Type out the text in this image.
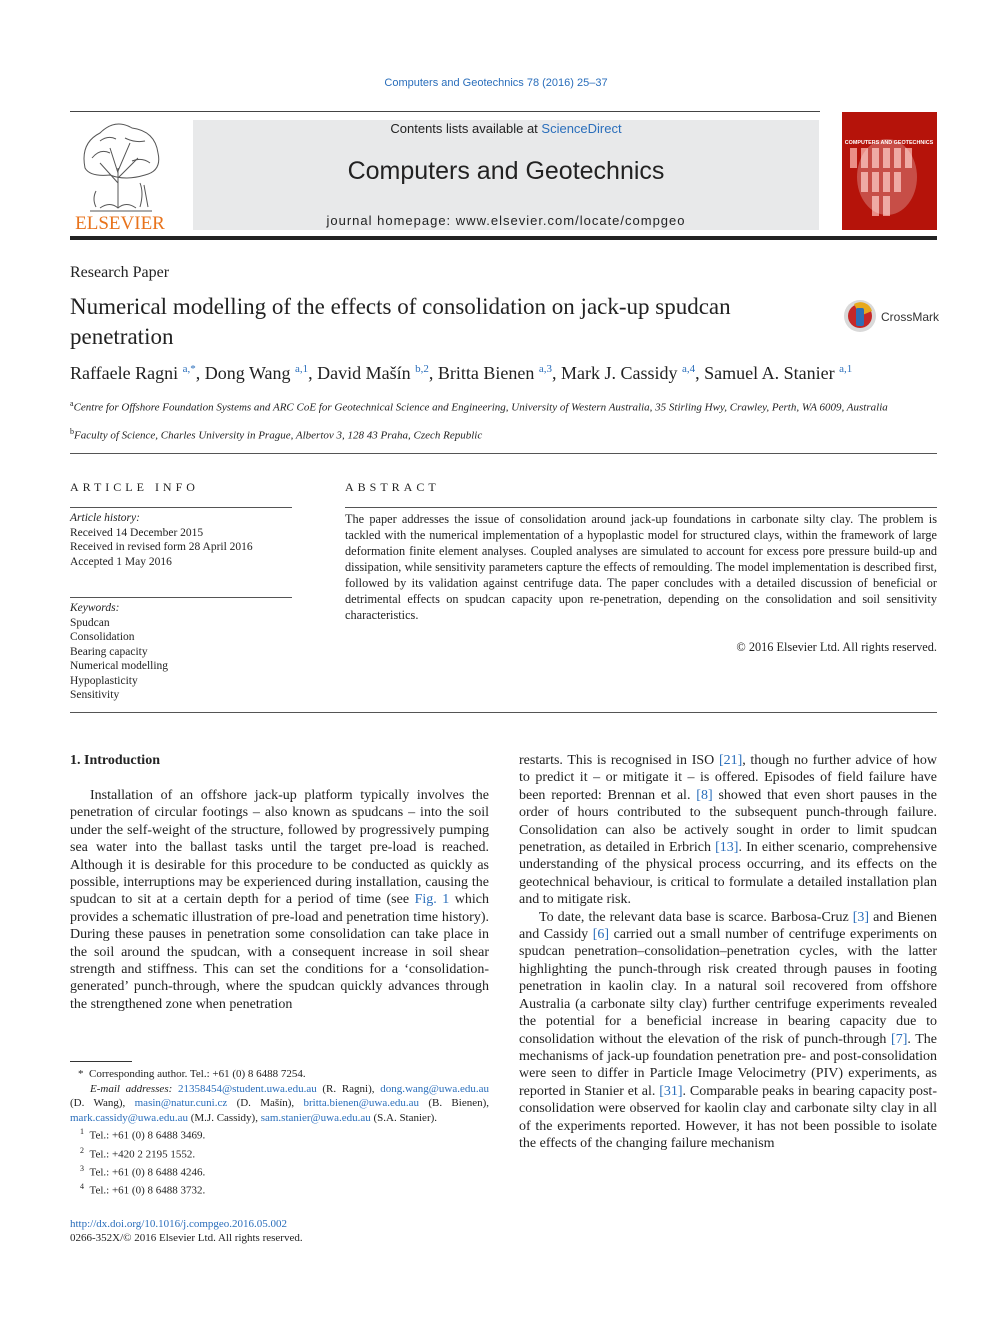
Computers and Geotechnics 78 (2016) 25–37
ELSEVIER
Contents lists available at ScienceDirect
Computers and Geotechnics
journal homepage: www.elsevier.com/locate/compgeo
COMPUTERS AND GEOTECHNICS
Research Paper
Numerical modelling of the effects of consolidation on jack-up spudcan penetration
CrossMark
Raffaele Ragni $^{a,*}$, Dong Wang $^{a,1}$, David Mašín $^{b,2}$, Britta Bienen $^{a,3}$, Mark J. Cassidy $^{a,4}$, Samuel A. Stanier $^{a,1}$
$^a$Centre for Offshore Foundation Systems and ARC CoE for Geotechnical Science and Engineering, University of Western Australia, 35 Stirling Hwy, Crawley, Perth, WA 6009, Australia
$^b$Faculty of Science, Charles University in Prague, Albertov 3, 128 43 Praha, Czech Republic
ARTICLE INFO
Article history:
Received 14 December 2015
Received in revised form 28 April 2016
Accepted 1 May 2016
Keywords:
Spudcan
Consolidation
Bearing capacity
Numerical modelling
Hypoplasticity
Sensitivity
ABSTRACT
The paper addresses the issue of consolidation around jack-up foundations in carbonate silty clay. The problem is tackled with the numerical implementation of a hypoplastic model for structured clays, within the framework of large deformation finite element analyses. Coupled analyses are simulated to account for excess pore pressure build-up and dissipation, while sensitivity parameters capture the effects of remoulding. The model implementation is described first, followed by its validation against centrifuge data. The paper concludes with a detailed discussion of beneficial or detrimental effects on spudcan capacity upon re-penetration, depending on the consolidation and soil sensitivity characteristics.
© 2016 Elsevier Ltd. All rights reserved.
1. Introduction

Installation of an offshore jack-up platform typically involves the penetration of circular footings – also known as spudcans – into the soil under the self-weight of the structure, followed by progressively pumping sea water into the ballast tasks until the target pre-load is reached. Although it is desirable for this procedure to be conducted as quickly as possible, interruptions may be experienced during installation, causing the spudcan to sit at a certain depth for a period of time (see Fig. 1 which provides a schematic illustration of pre-load and penetration time history). During these pauses in penetration some consolidation can take place in the soil around the spudcan, with a consequent increase in soil shear strength and stiffness. This can set the conditions for a ‘consolidation-generated’ punch-through, where the spudcan quickly advances through the strengthened zone when penetration

restarts. This is recognised in ISO [21], though no further advice of how to predict it – or mitigate it – is offered. Episodes of field failure have been reported: Brennan et al. [8] showed that even short pauses in the order of hours contributed to the subsequent punch-through failure. Consolidation can also be actively sought in order to limit spudcan penetration, as detailed in Erbrich [13]. In either scenario, comprehensive understanding of the physical process occurring, and its effects on the geotechnical behaviour, is critical to formulate a detailed installation plan and to mitigate risk.

To date, the relevant data base is scarce. Barbosa-Cruz [3] and Bienen and Cassidy [6] carried out a small number of centrifuge experiments on spudcan penetration–consolidation–penetration cycles, with the latter highlighting the punch-through risk created through pauses in footing penetration in kaolin clay. In a natural soil recovered from offshore Australia (a carbonate silty clay) further centrifuge experiments revealed the potential for a beneficial increase in bearing capacity due to consolidation without the elevation of the risk of punch-through [7]. The mechanisms of jack-up foundation penetration pre- and post-consolidation were seen to differ in Particle Image Velocimetry (PIV) experiments, as reported in Stanier et al. [31]. Comparable peaks in bearing capacity post-consolidation were observed for kaolin clay and carbonate silty clay in all of the experiments reported. However, it has not been possible to isolate the effects of the changing failure mechanism

* Corresponding author. Tel.: +61 (0) 8 6488 7254.
E-mail addresses: 21358454@student.uwa.edu.au (R. Ragni), dong.wang@uwa.edu.au (D. Wang), masin@natur.cuni.cz (D. Mašín), britta.bienen@uwa.edu.au (B. Bienen), mark.cassidy@uwa.edu.au (M.J. Cassidy), sam.stanier@uwa.edu.au (S.A. Stanier).
$^1$  Tel.: +61 (0) 8 6488 3469.
$^2$  Tel.: +420 2 2195 1552.
$^3$  Tel.: +61 (0) 8 6488 4246.
$^4$  Tel.: +61 (0) 8 6488 3732.
http://dx.doi.org/10.1016/j.compgeo.2016.05.002
0266-352X/© 2016 Elsevier Ltd. All rights reserved.
